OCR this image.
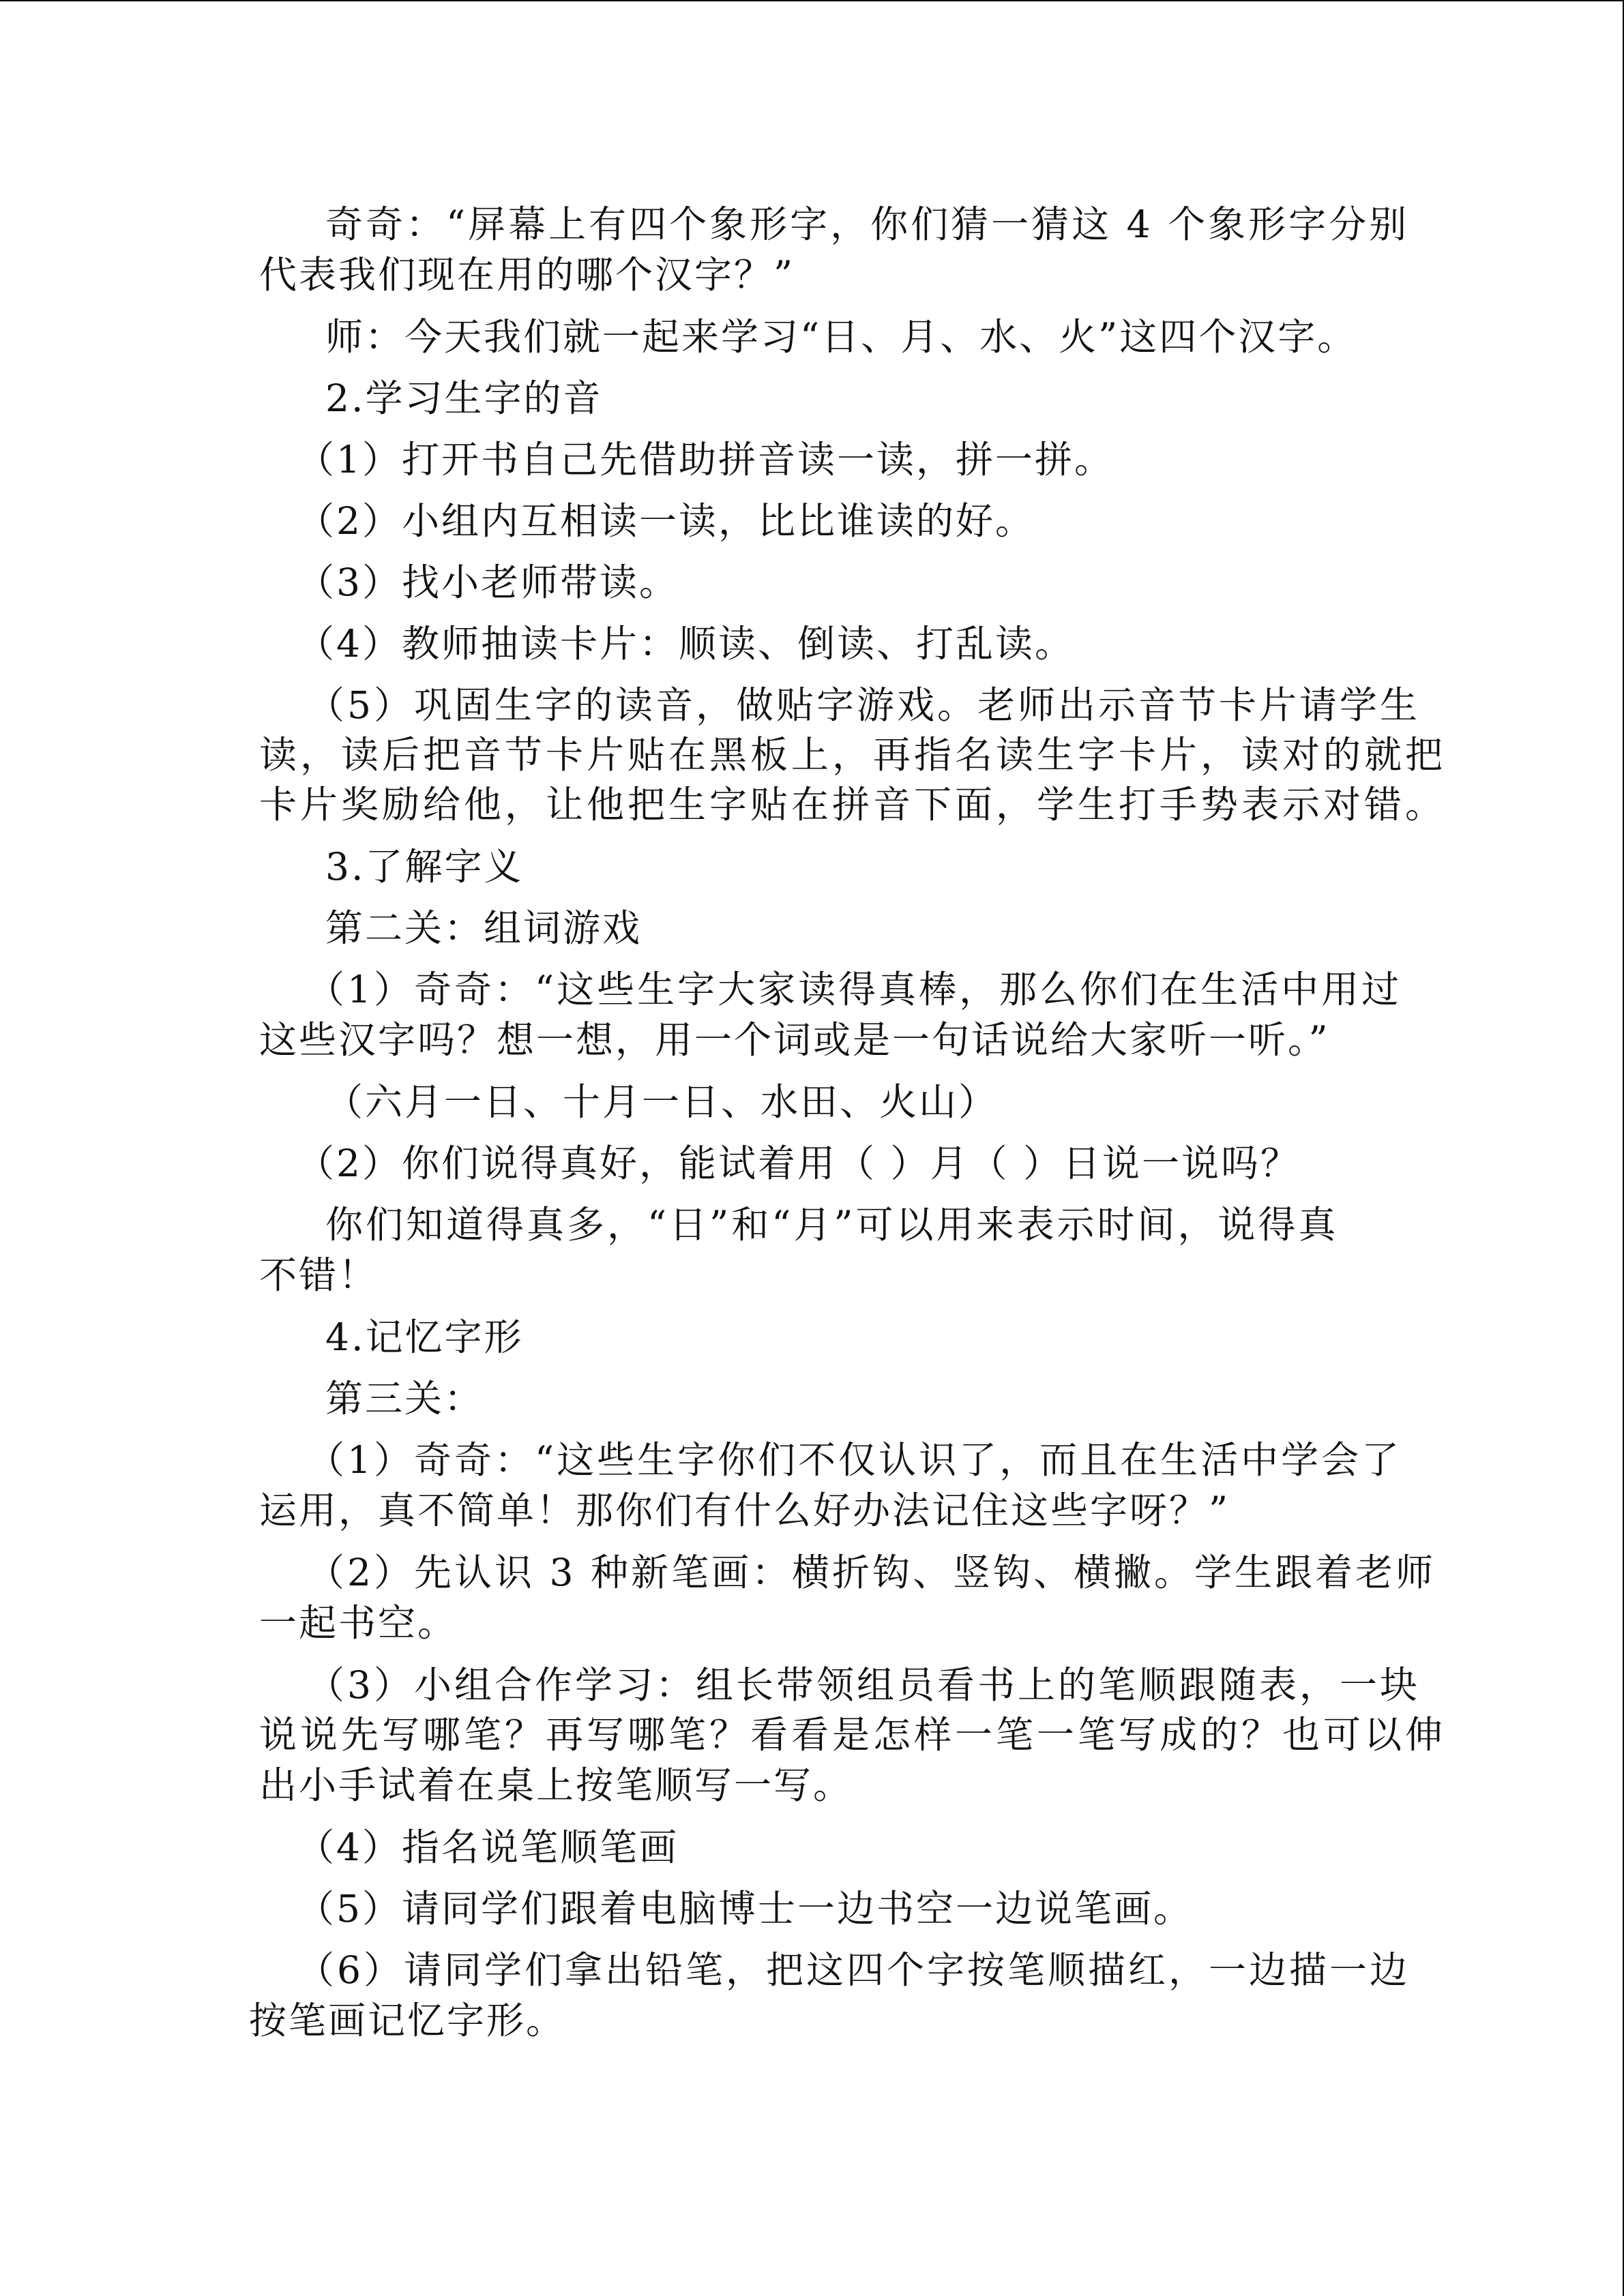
奇奇：“屏幕上有四个象形字，你们猜一猜这 4 个象形字分别
代表我们现在用的哪个汉字？”
师：今天我们就一起来学习“日、月、水、火”这四个汉字。
2.学习生字的音
（1）打开书自己先借助拼音读一读，拼一拼。
（2）小组内互相读一读，比比谁读的好。
（3）找小老师带读。
（4）教师抽读卡片：顺读、倒读、打乱读。
（5）巩固生字的读音，做贴字游戏。老师出示音节卡片请学生
读，读后把音节卡片贴在黑板上，再指名读生字卡片，读对的就把
卡片奖励给他，让他把生字贴在拼音下面，学生打手势表示对错。
3.了解字义
第二关：组词游戏
（1）奇奇：“这些生字大家读得真棒，那么你们在生活中用过
这些汉字吗？想一想，用一个词或是一句话说给大家听一听。”
（六月一日、十月一日、水田、火山）
（2）你们说得真好，能试着用（ ）月（ ）日说一说吗？
你们知道得真多，“日”和“月”可以用来表示时间，说得真
不错！
4.记忆字形
第三关：
（1）奇奇：“这些生字你们不仅认识了，而且在生活中学会了
运用，真不简单！那你们有什么好办法记住这些字呀？”
（2）先认识 3 种新笔画：横折钩、竖钩、横撇。学生跟着老师
一起书空。
（3）小组合作学习：组长带领组员看书上的笔顺跟随表，一块
说说先写哪笔？再写哪笔？看看是怎样一笔一笔写成的？也可以伸
出小手试着在桌上按笔顺写一写。
（4）指名说笔顺笔画
（5）请同学们跟着电脑博士一边书空一边说笔画。
（6）请同学们拿出铅笔，把这四个字按笔顺描红，一边描一边
按笔画记忆字形。
